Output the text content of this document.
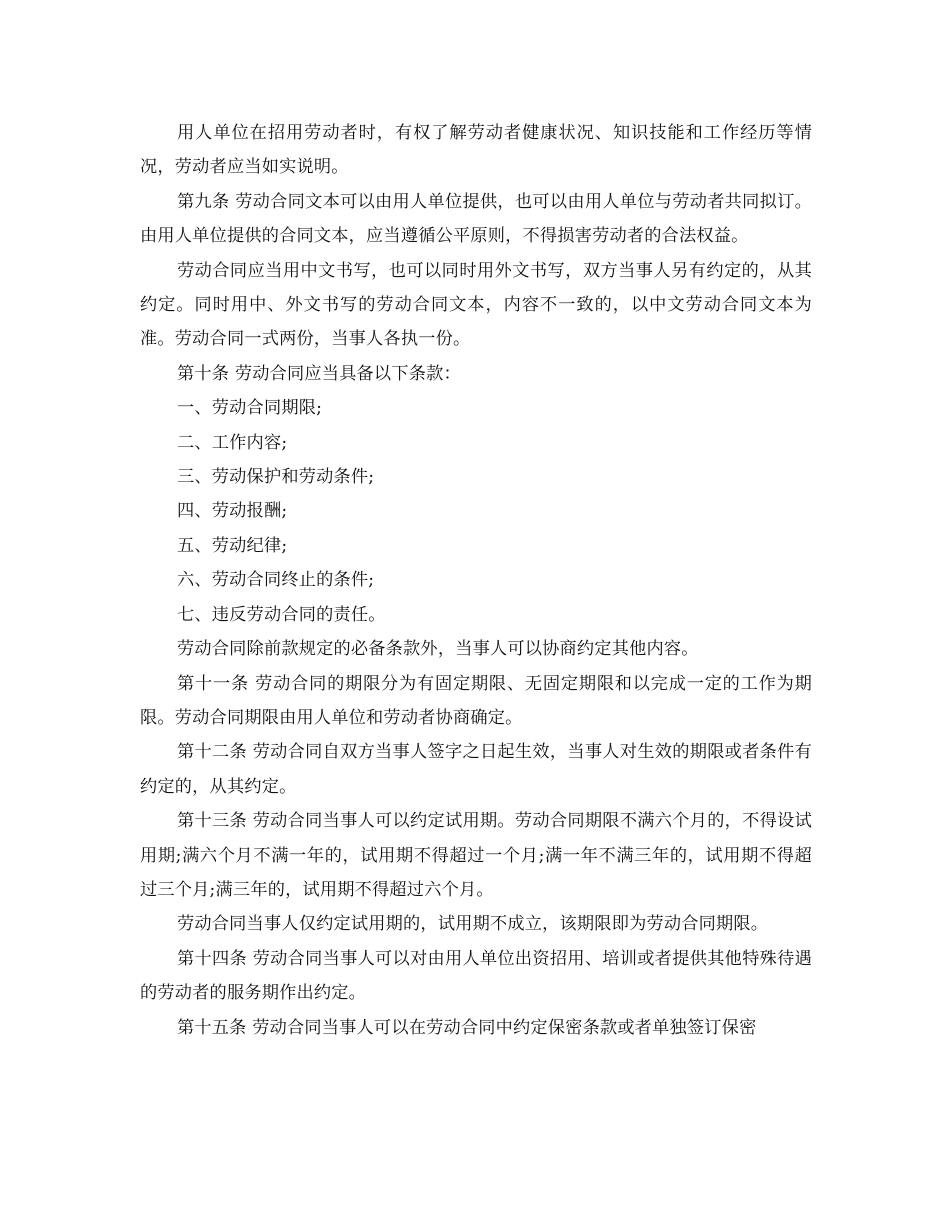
用人单位在招用劳动者时，有权了解劳动者健康状况、知识技能和工作经历等情况，劳动者应当如实说明。

第九条 劳动合同文本可以由用人单位提供，也可以由用人单位与劳动者共同拟订。由用人单位提供的合同文本，应当遵循公平原则，不得损害劳动者的合法权益。

劳动合同应当用中文书写，也可以同时用外文书写，双方当事人另有约定的，从其约定。同时用中、外文书写的劳动合同文本，内容不一致的，以中文劳动合同文本为准。劳动合同一式两份，当事人各执一份。

第十条 劳动合同应当具备以下条款：

一、劳动合同期限;

二、工作内容;

三、劳动保护和劳动条件;

四、劳动报酬;

五、劳动纪律;

六、劳动合同终止的条件;

七、违反劳动合同的责任。

劳动合同除前款规定的必备条款外，当事人可以协商约定其他内容。

第十一条 劳动合同的期限分为有固定期限、无固定期限和以完成一定的工作为期限。劳动合同期限由用人单位和劳动者协商确定。

第十二条 劳动合同自双方当事人签字之日起生效，当事人对生效的期限或者条件有约定的，从其约定。

第十三条 劳动合同当事人可以约定试用期。劳动合同期限不满六个月的，不得设试用期;满六个月不满一年的，试用期不得超过一个月;满一年不满三年的，试用期不得超过三个月;满三年的，试用期不得超过六个月。

劳动合同当事人仅约定试用期的，试用期不成立，该期限即为劳动合同期限。

第十四条 劳动合同当事人可以对由用人单位出资招用、培训或者提供其他特殊待遇的劳动者的服务期作出约定。

第十五条 劳动合同当事人可以在劳动合同中约定保密条款或者单独签订保密
